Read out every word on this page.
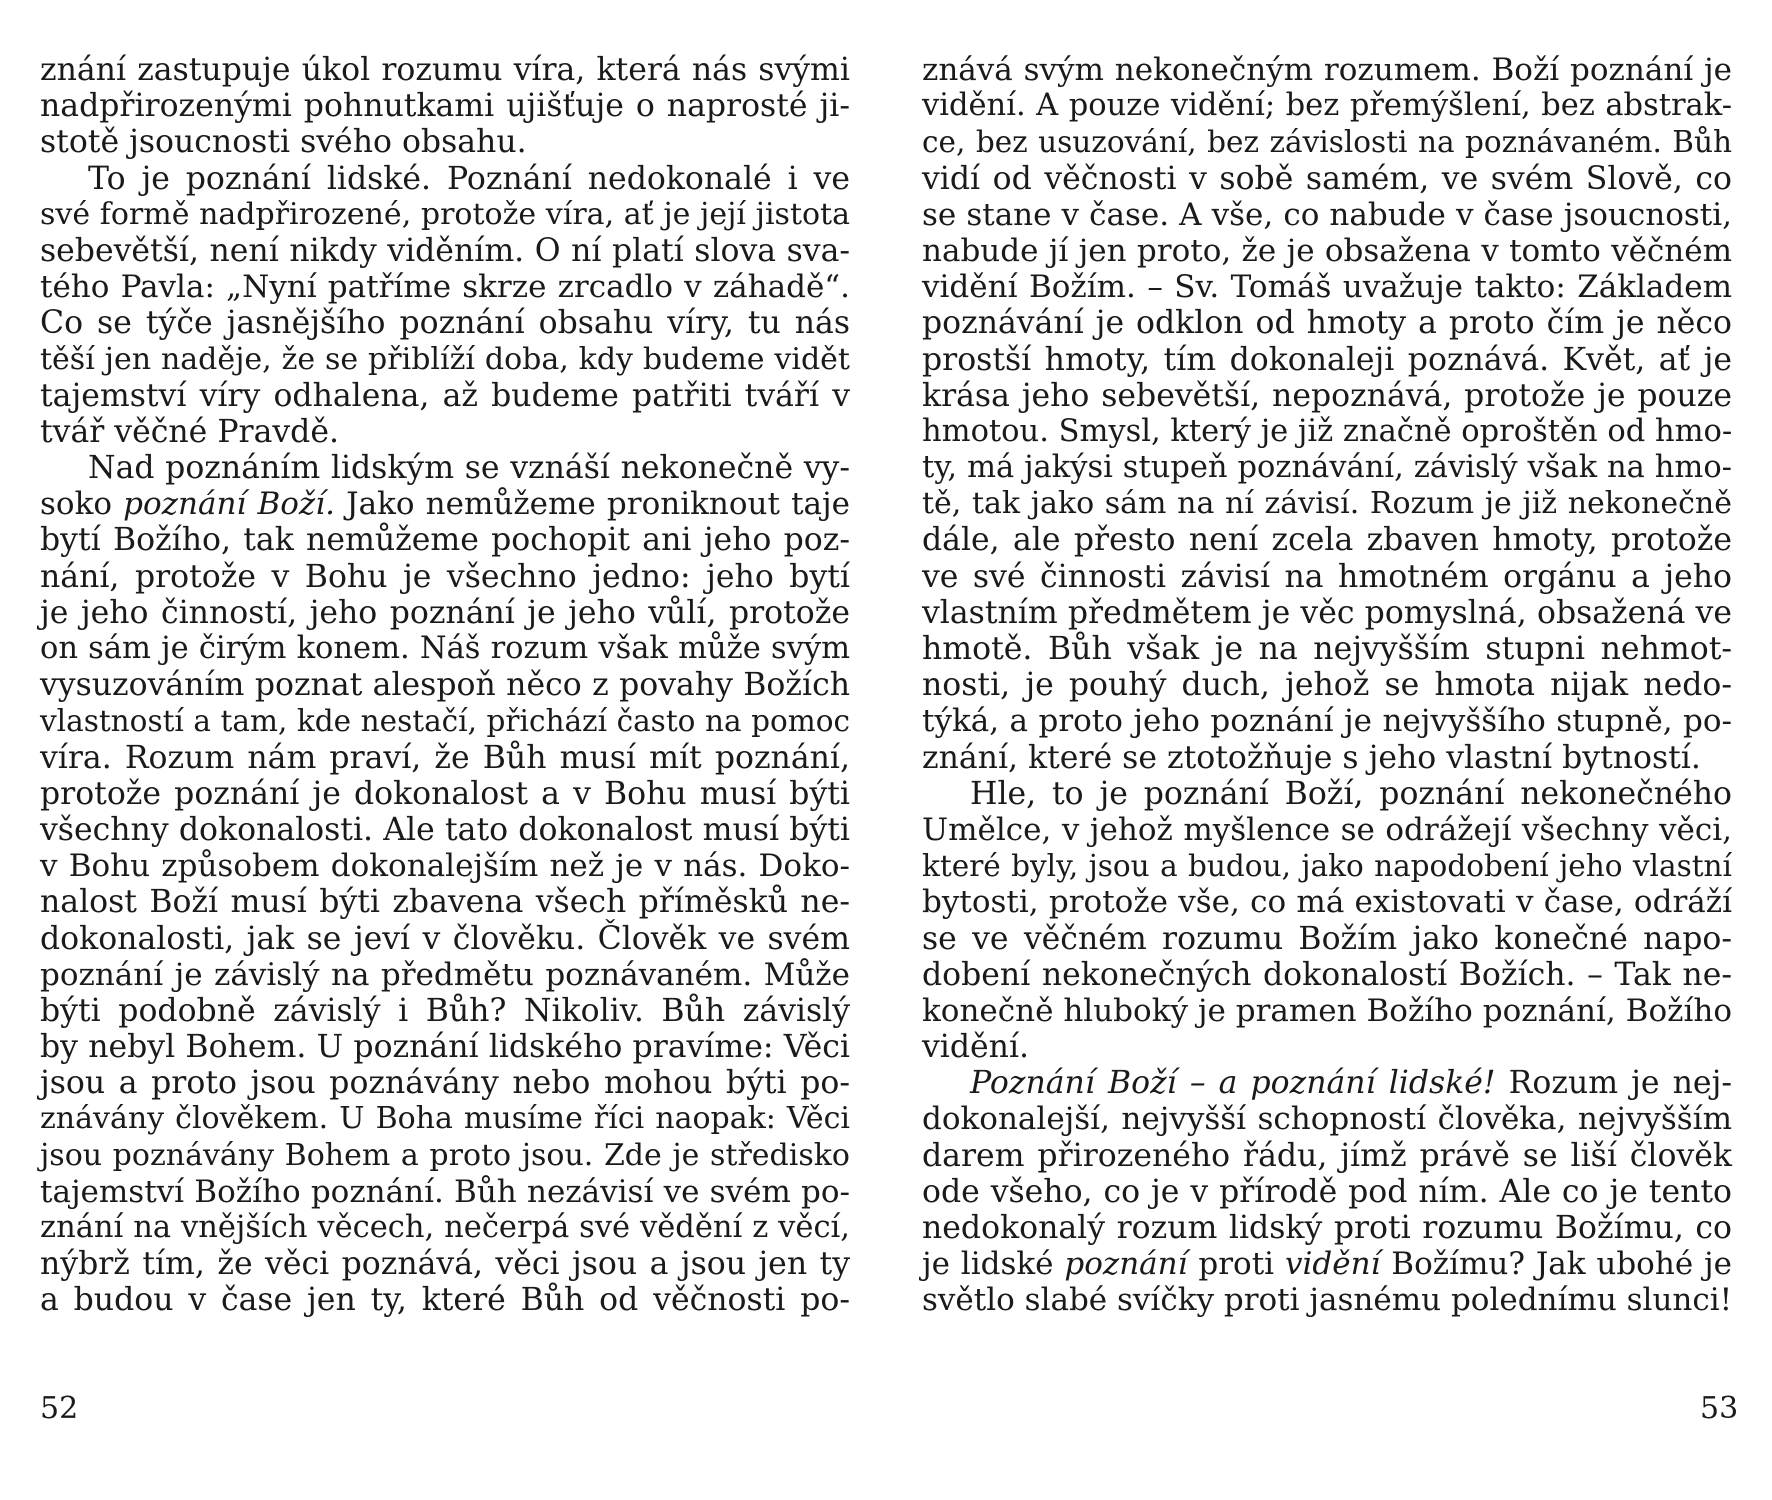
znání zastupuje úkol rozumu víra, která nás svými
nadpřirozenými pohnutkami ujišťuje o naprosté ji-
stotě jsoucnosti svého obsahu.
To je poznání lidské. Poznání nedokonalé i ve
své formě nadpřirozené, protože víra, ať je její jistota
sebevětší, není nikdy viděním. O ní platí slova sva-
tého Pavla: „Nyní patříme skrze zrcadlo v záhadě“.
Co se týče jasnějšího poznání obsahu víry, tu nás
těší jen naděje, že se přiblíží doba, kdy budeme vidět
tajemství víry odhalena, až budeme patřiti tváří v
tvář věčné Pravdě.
Nad poznáním lidským se vznáší nekonečně vy-
soko poznání Boží. Jako nemůžeme proniknout taje
bytí Božího, tak nemůžeme pochopit ani jeho poz-
nání, protože v Bohu je všechno jedno: jeho bytí
je jeho činností, jeho poznání je jeho vůlí, protože
on sám je čirým konem. Náš rozum však může svým
vysuzováním poznat alespoň něco z povahy Božích
vlastností a tam, kde nestačí, přichází často na pomoc
víra. Rozum nám praví, že Bůh musí mít poznání,
protože poznání je dokonalost a v Bohu musí býti
všechny dokonalosti. Ale tato dokonalost musí býti
v Bohu způsobem dokonalejším než je v nás. Doko-
nalost Boží musí býti zbavena všech příměsků ne-
dokonalosti, jak se jeví v člověku. Člověk ve svém
poznání je závislý na předmětu poznávaném. Může
býti podobně závislý i Bůh? Nikoliv. Bůh závislý
by nebyl Bohem. U poznání lidského pravíme: Věci
jsou a proto jsou poznávány nebo mohou býti po-
znávány člověkem. U Boha musíme říci naopak: Věci
jsou poznávány Bohem a proto jsou. Zde je středisko
tajemství Božího poznání. Bůh nezávisí ve svém po-
znání na vnějších věcech, nečerpá své vědění z věcí,
nýbrž tím, že věci poznává, věci jsou a jsou jen ty
a budou v čase jen ty, které Bůh od věčnosti po-
znává svým nekonečným rozumem. Boží poznání je
vidění. A pouze vidění; bez přemýšlení, bez abstrak-
ce, bez usuzování, bez závislosti na poznávaném. Bůh
vidí od věčnosti v sobě samém, ve svém Slově, co
se stane v čase. A vše, co nabude v čase jsoucnosti,
nabude jí jen proto, že je obsažena v tomto věčném
vidění Božím. – Sv. Tomáš uvažuje takto: Základem
poznávání je odklon od hmoty a proto čím je něco
prostší hmoty, tím dokonaleji poznává. Květ, ať je
krása jeho sebevětší, nepoznává, protože je pouze
hmotou. Smysl, který je již značně oproštěn od hmo-
ty, má jakýsi stupeň poznávání, závislý však na hmo-
tě, tak jako sám na ní závisí. Rozum je již nekonečně
dále, ale přesto není zcela zbaven hmoty, protože
ve své činnosti závisí na hmotném orgánu a jeho
vlastním předmětem je věc pomyslná, obsažená ve
hmotě. Bůh však je na nejvyšším stupni nehmot-
nosti, je pouhý duch, jehož se hmota nijak nedo-
týká, a proto jeho poznání je nejvyššího stupně, po-
znání, které se ztotožňuje s jeho vlastní bytností.
Hle, to je poznání Boží, poznání nekonečného
Umělce, v jehož myšlence se odrážejí všechny věci,
které byly, jsou a budou, jako napodobení jeho vlastní
bytosti, protože vše, co má existovati v čase, odráží
se ve věčném rozumu Božím jako konečné napo-
dobení nekonečných dokonalostí Božích. – Tak ne-
konečně hluboký je pramen Božího poznání, Božího
vidění.
Poznání Boží – a poznání lidské! Rozum je nej-
dokonalejší, nejvyšší schopností člověka, nejvyšším
darem přirozeného řádu, jímž právě se liší člověk
ode všeho, co je v přírodě pod ním. Ale co je tento
nedokonalý rozum lidský proti rozumu Božímu, co
je lidské poznání proti vidění Božímu? Jak ubohé je
světlo slabé svíčky proti jasnému polednímu slunci!
52	53
